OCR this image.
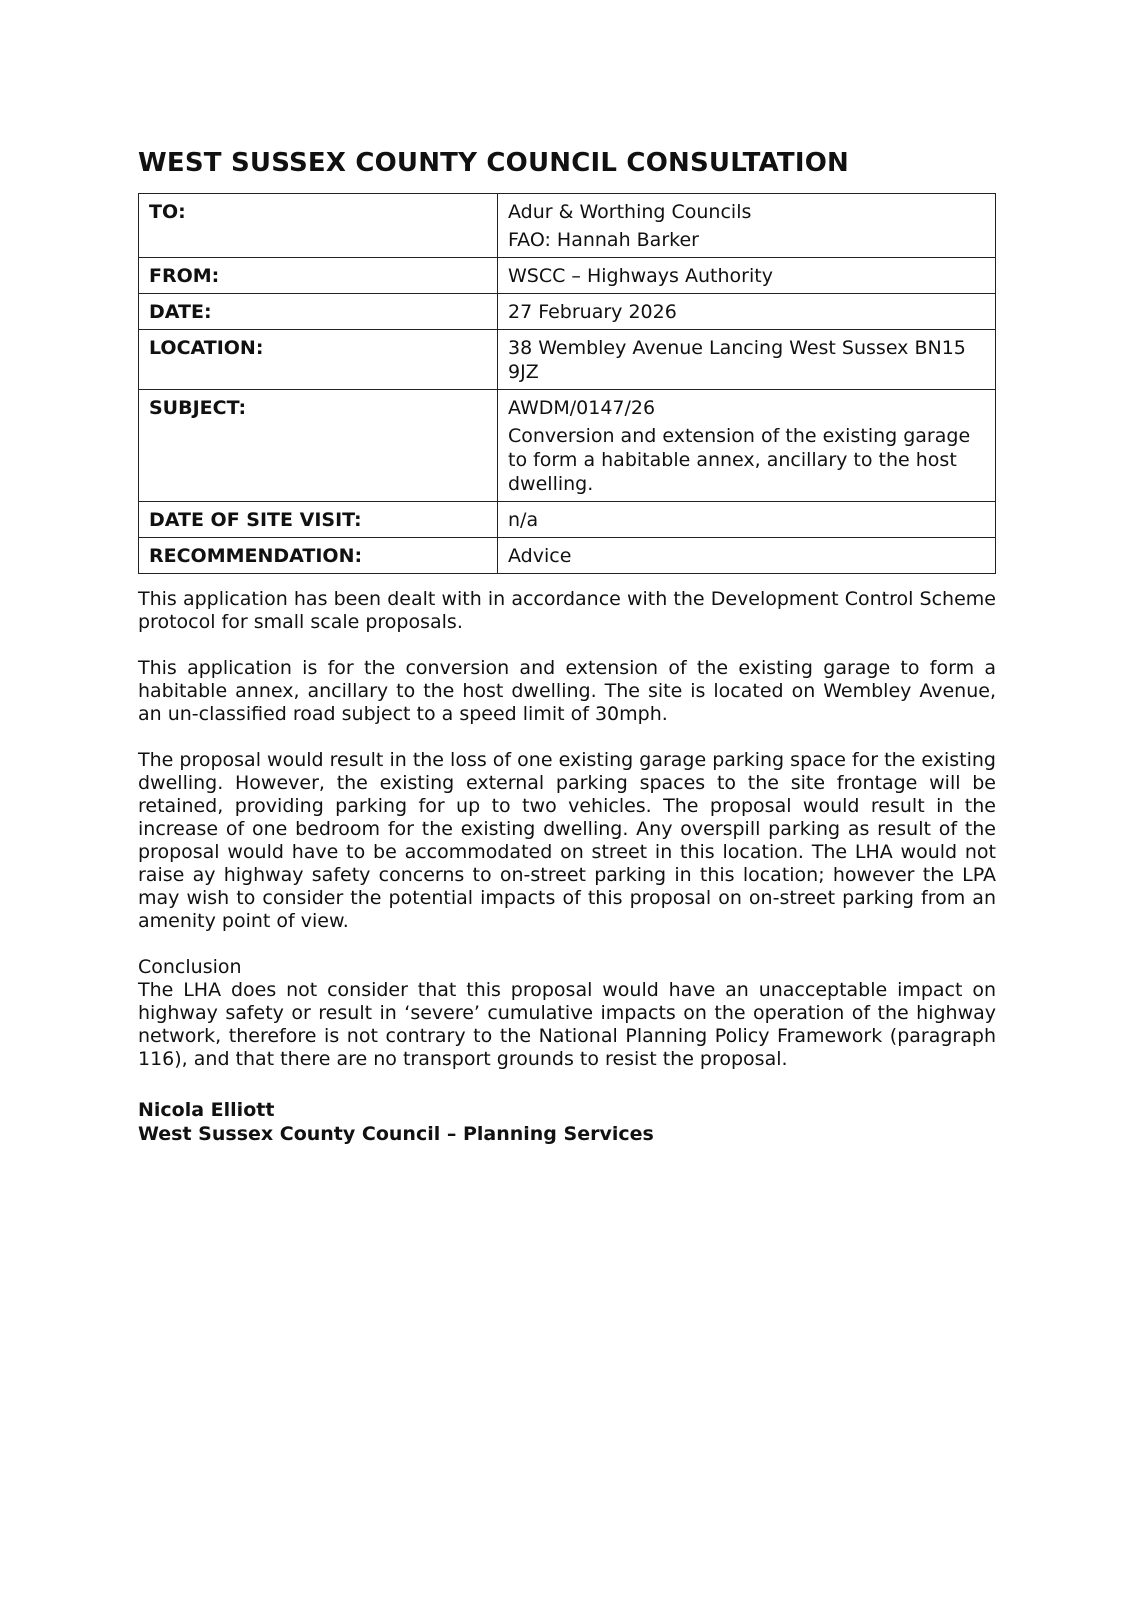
WEST SUSSEX COUNTY COUNCIL CONSULTATION
TO:	Adur & Worthing Councils

FAO: Hannah Barker

FROM:	WSCC – Highways Authority

DATE:	27 February 2026

LOCATION:	38 Wembley Avenue Lancing West Sussex BN15 9JZ

SUBJECT:	AWDM/0147/26

Conversion and extension of the existing garage to form a habitable annex, ancillary to the host dwelling.

DATE OF SITE VISIT:	n/a

RECOMMENDATION:	Advice

This application has been dealt with in accordance with the Development Control Scheme protocol for small scale proposals.

This application is for the conversion and extension of the existing garage to form a habitable annex, ancillary to the host dwelling. The site is located on Wembley Avenue, an un-classified road subject to a speed limit of 30mph.

The proposal would result in the loss of one existing garage parking space for the existing dwelling. However, the existing external parking spaces to the site frontage will be retained, providing parking for up to two vehicles. The proposal would result in the increase of one bedroom for the existing dwelling. Any overspill parking as result of the proposal would have to be accommodated on street in this location. The LHA would not raise ay highway safety concerns to on-street parking in this location; however the LPA may wish to consider the potential impacts of this proposal on on-street parking from an amenity point of view.

Conclusion

The LHA does not consider that this proposal would have an unacceptable impact on highway safety or result in ‘severe’ cumulative impacts on the operation of the highway network, therefore is not contrary to the National Planning Policy Framework (paragraph 116), and that there are no transport grounds to resist the proposal.

Nicola Elliott
West Sussex County Council – Planning Services
